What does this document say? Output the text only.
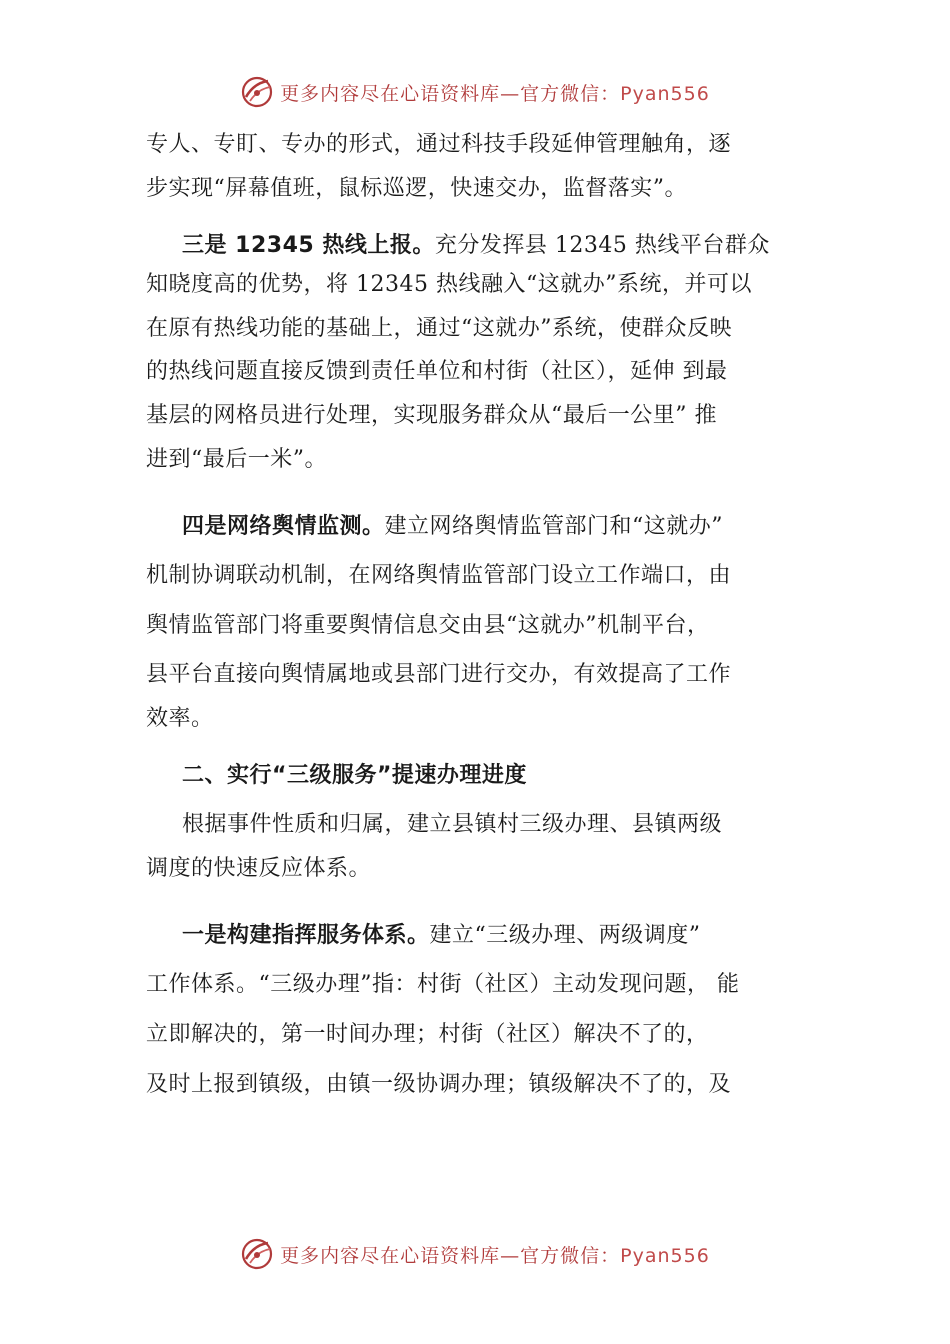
更多内容尽在心语资料库—官方微信：Pyan556
专人、专盯、专办的形式，通过科技手段延伸管理触角，逐
步实现“屏幕值班，鼠标巡逻，快速交办，监督落实”。
三是 12345 热线上报。充分发挥县 12345 热线平台群众
知晓度高的优势，将 12345 热线融入“这就办”系统，并可以
在原有热线功能的基础上，通过“这就办”系统，使群众反映
的热线问题直接反馈到责任单位和村街（社区），延伸 到最
基层的网格员进行处理，实现服务群众从“最后一公里” 推
进到“最后一米”。
四是网络舆情监测。建立网络舆情监管部门和“这就办”
机制协调联动机制，在网络舆情监管部门设立工作端口，由
舆情监管部门将重要舆情信息交由县“这就办”机制平台，
县平台直接向舆情属地或县部门进行交办，有效提高了工作
效率。
二、实行“三级服务”提速办理进度
根据事件性质和归属，建立县镇村三级办理、县镇两级
调度的快速反应体系。
一是构建指挥服务体系。建立“三级办理、两级调度”
工作体系。“三级办理”指：村街（社区）主动发现问题， 能
立即解决的，第一时间办理；村街（社区）解决不了的，
及时上报到镇级，由镇一级协调办理；镇级解决不了的，及
更多内容尽在心语资料库—官方微信：Pyan556
